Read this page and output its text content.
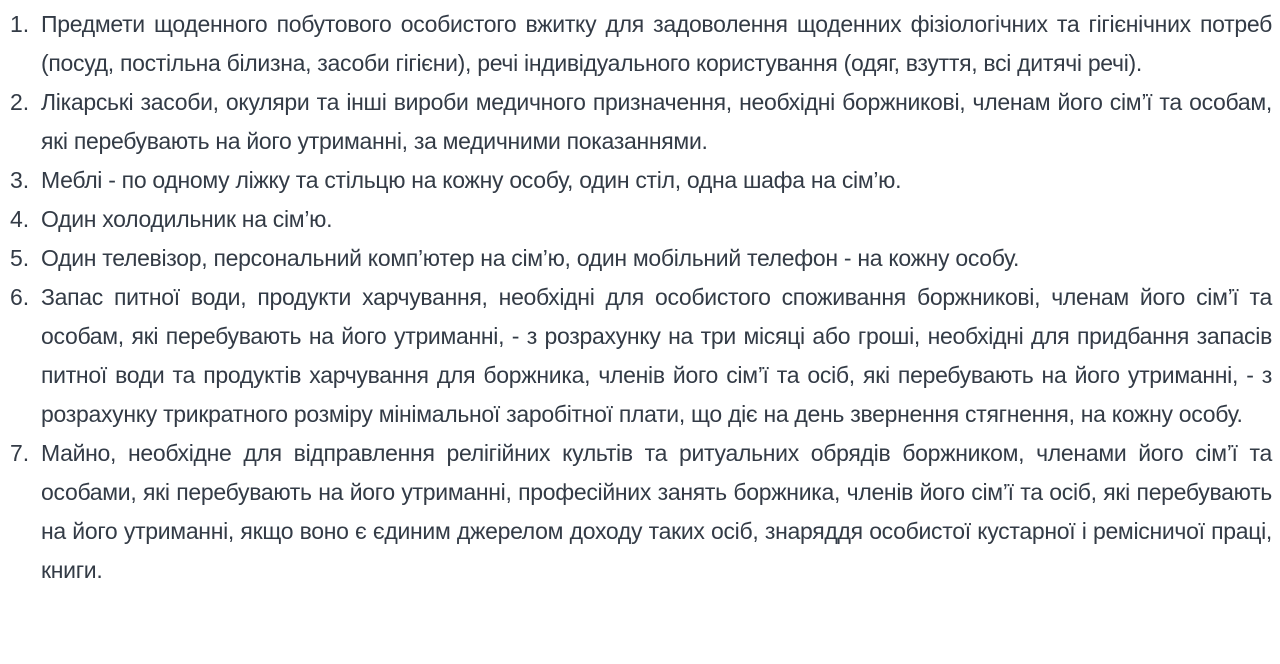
1. Предмети щоденного побутового особистого вжитку для задоволення щоденних фізіологічних та гігієнічних потреб (посуд, постільна білизна, засоби гігієни), речі індивідуального користування (одяг, взуття, всі дитячі речі).
2. Лікарські засоби, окуляри та інші вироби медичного призначення, необхідні боржникові, членам його сім’ї та особам, які перебувають на його утриманні, за медичними показаннями.
3. Меблі - по одному ліжку та стільцю на кожну особу, один стіл, одна шафа на сім’ю.
4. Один холодильник на сім’ю.
5. Один телевізор, персональний комп’ютер на сім’ю, один мобільний телефон - на кожну особу.
6. Запас питної води, продукти харчування, необхідні для особистого споживання боржникові, членам його сім’ї та особам, які перебувають на його утриманні, - з розрахунку на три місяці або гроші, необхідні для придбання запасів питної води та продуктів харчування для боржника, членів його сім’ї та осіб, які перебувають на його утриманні, - з розрахунку трикратного розміру мінімальної заробітної плати, що діє на день звернення стягнення, на кожну особу.
7. Майно, необхідне для відправлення релігійних культів та ритуальних обрядів боржником, членами його сім’ї та особами, які перебувають на його утриманні, професійних занять боржника, членів його сім’ї та осіб, які перебувають на його утриманні, якщо воно є єдиним джерелом доходу таких осіб, знаряддя особистої кустарної і ремісничої праці, книги.
